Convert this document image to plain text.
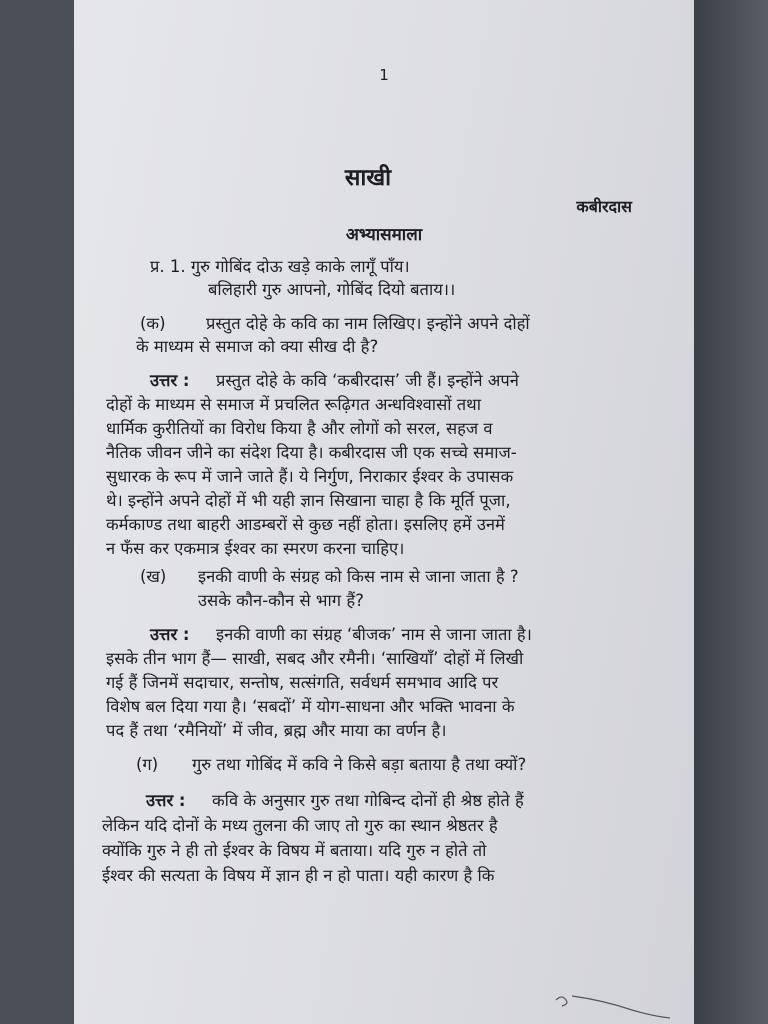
1
साखी
कबीरदास
अभ्यासमाला
प्र. 1. गुरु गोबिंद दोऊ खड़े काके लागूँ पाँय।
बलिहारी गुरु आपनो, गोबिंद दियो बताय।।
(क) प्रस्तुत दोहे के कवि का नाम लिखिए। इन्होंने अपने दोहों
के माध्यम से समाज को क्या सीख दी है?
उत्तर : प्रस्तुत दोहे के कवि ‘कबीरदास’ जी हैं। इन्होंने अपने
दोहों के माध्यम से समाज में प्रचलित रूढ़िगत अन्धविश्वासों तथा
धार्मिक कुरीतियों का विरोध किया है और लोगों को सरल, सहज व
नैतिक जीवन जीने का संदेश दिया है। कबीरदास जी एक सच्चे समाज-
सुधारक के रूप में जाने जाते हैं। ये निर्गुण, निराकार ईश्वर के उपासक
थे। इन्होंने अपने दोहों में भी यही ज्ञान सिखाना चाहा है कि मूर्ति पूजा,
कर्मकाण्ड तथा बाहरी आडम्बरों से कुछ नहीं होता। इसलिए हमें उनमें
न फँस कर एकमात्र ईश्वर का स्मरण करना चाहिए।
(ख) इनकी वाणी के संग्रह को किस नाम से जाना जाता है ?
उसके कौन-कौन से भाग हैं?
उत्तर : इनकी वाणी का संग्रह ‘बीजक’ नाम से जाना जाता है।
इसके तीन भाग हैं— साखी, सबद और रमैनी। ‘साखियाँ’ दोहों में लिखी
गई हैं जिनमें सदाचार, सन्तोष, सत्संगति, सर्वधर्म समभाव आदि पर
विशेष बल दिया गया है। ‘सबदों’ में योग-साधना और भक्ति भावना के
पद हैं तथा ‘रमैनियों’ में जीव, ब्रह्म और माया का वर्णन है।
(ग) गुरु तथा गोबिंद में कवि ने किसे बड़ा बताया है तथा क्यों?
उत्तर : कवि के अनुसार गुरु तथा गोबिन्द दोनों ही श्रेष्ठ होते हैं
लेकिन यदि दोनों के मध्य तुलना की जाए तो गुरु का स्थान श्रेष्ठतर है
क्योंकि गुरु ने ही तो ईश्वर के विषय में बताया। यदि गुरु न होते तो
ईश्वर की सत्यता के विषय में ज्ञान ही न हो पाता। यही कारण है कि
